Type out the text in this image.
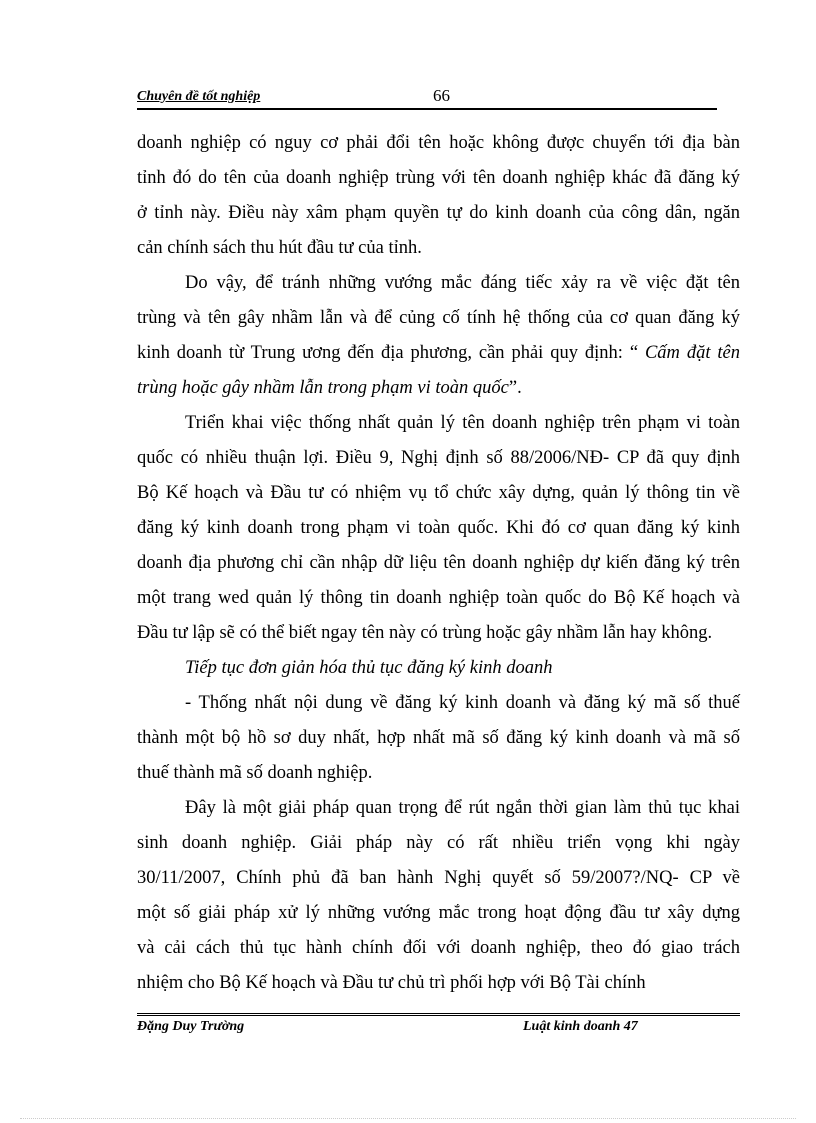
Chuyên đề tốt nghiệp	66
doanh nghiệp có nguy cơ phải đổi tên hoặc không được chuyển tới địa bàn
tỉnh đó do tên của doanh nghiệp trùng với tên doanh nghiệp khác đã đăng ký
ở tỉnh này. Điều này xâm phạm quyền tự do kinh doanh của công dân, ngăn
cản chính sách thu hút đầu tư của tỉnh.
Do vậy, để tránh những vướng mắc đáng tiếc xảy ra về việc đặt tên
trùng và tên gây nhầm lẫn và để củng cố tính hệ thống của cơ quan đăng ký
kinh doanh từ Trung ương đến địa phương, cần phải quy định: “ Cấm đặt tên
trùng hoặc gây nhầm lẫn trong phạm vi toàn quốc”.
Triển khai việc thống nhất quản lý tên doanh nghiệp trên phạm vi toàn
quốc có nhiều thuận lợi. Điều 9, Nghị định số 88/2006/NĐ- CP đã quy định
Bộ Kế hoạch và Đầu tư có nhiệm vụ tổ chức xây dựng, quản lý thông tin về
đăng ký kinh doanh trong phạm vi toàn quốc. Khi đó cơ quan đăng ký kinh
doanh địa phương chỉ cần nhập dữ liệu tên doanh nghiệp dự kiến đăng ký trên
một trang wed quản lý thông tin doanh nghiệp toàn quốc do Bộ Kế hoạch và
Đầu tư lập sẽ có thể biết ngay tên này có trùng hoặc gây nhầm lẫn hay không.
Tiếp tục đơn giản hóa thủ tục đăng ký kinh doanh
- Thống nhất nội dung về đăng ký kinh doanh và đăng ký mã số thuế
thành một bộ hồ sơ duy nhất, hợp nhất mã số đăng ký kinh doanh và mã số
thuế thành mã số doanh nghiệp.
Đây là một giải pháp quan trọng để rút ngắn thời gian làm thủ tục khai
sinh doanh nghiệp. Giải pháp này có rất nhiều triển vọng khi ngày
30/11/2007, Chính phủ đã ban hành Nghị quyết số 59/2007?/NQ- CP về
một số giải pháp xử lý những vướng mắc trong hoạt động đầu tư xây dựng
và cải cách thủ tục hành chính đối với doanh nghiệp, theo đó giao trách
nhiệm cho Bộ Kế hoạch và Đầu tư chủ trì phối hợp với Bộ Tài chính
Đặng Duy Trường	Luật kinh doanh 47
